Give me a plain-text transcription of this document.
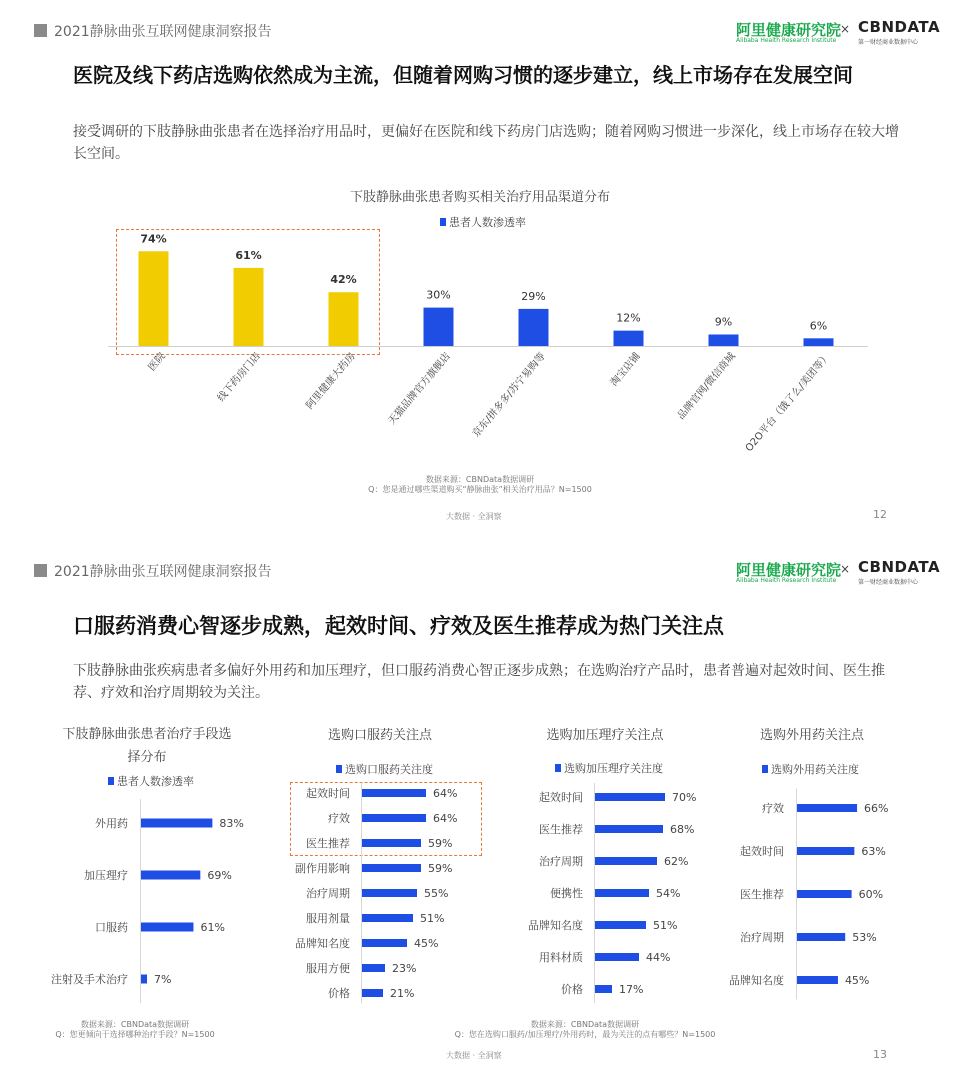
2021静脉曲张互联网健康洞察报告	阿里健康研究院
Alibaba Health Research Institute
× CBNDATA
第一财经商业数据中心
医院及线下药店选购依然成为主流，但随着网购习惯的逐步建立，线上市场存在发展空间
接受调研的下肢静脉曲张患者在选择治疗用品时，更偏好在医院和线下药房门店选购；随着网购习惯进一步深化，线上市场存在较大增长空间。
下肢静脉曲张患者购买相关治疗用品渠道分布
患者人数渗透率
74%
医院
61%
线下药房门店
42%
阿里健康大药房
30%
天猫品牌官方旗舰店
29%
京东/拼多多/苏宁易购等
12%
淘宝店铺
9%
品牌官网/微信商城
6%
O2O平台（饿了么/美团等）
数据来源：CBNData数据调研
Q：您是通过哪些渠道购买“静脉曲张”相关治疗用品？N=1500
大数据 · 全洞察	12
2021静脉曲张互联网健康洞察报告	阿里健康研究院
Alibaba Health Research Institute
× CBNDATA
第一财经商业数据中心
口服药消费心智逐步成熟，起效时间、疗效及医生推荐成为热门关注点
下肢静脉曲张疾病患者多偏好外用药和加压理疗，但口服药消费心智正逐步成熟；在选购治疗产品时，患者普遍对起效时间、医生推荐、疗效和治疗周期较为关注。
下肢静脉曲张患者治疗手段选择分布
患者人数渗透率
选购口服药关注点
选购口服药关注度
选购加压理疗关注点
选购加压理疗关注度
选购外用药关注点
选购外用药关注度
83%
外用药
69%
加压理疗
61%
口服药
7%
注射及手术治疗
64%
起效时间
64%
疗效
59%
医生推荐
59%
副作用影响
55%
治疗周期
51%
服用剂量
45%
品牌知名度
23%
服用方便
21%
价格
70%
起效时间
68%
医生推荐
62%
治疗周期
54%
便携性
51%
品牌知名度
44%
用料材质
17%
价格
66%
疗效
63%
起效时间
60%
医生推荐
53%
治疗周期
45%
品牌知名度
数据来源：CBNData数据调研
Q：您更倾向于选择哪种治疗手段？N=1500
数据来源：CBNData数据调研
Q：您在选购口服药/加压理疗/外用药时，最为关注的点有哪些？N=1500
大数据 · 全洞察	13
